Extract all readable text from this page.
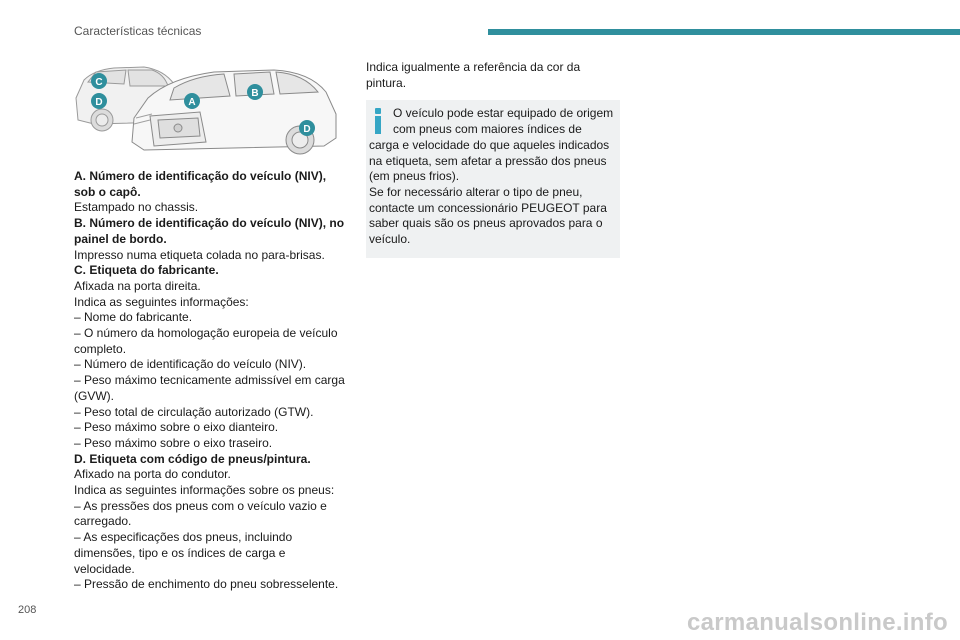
Características técnicas
C
D	A
B
D

A. Número de identificação do veículo (NIV), sob o capô.

Estampado no chassis.

B. Número de identificação do veículo (NIV), no painel de bordo.

Impresso numa etiqueta colada no para-brisas.

C. Etiqueta do fabricante.

Afixada na porta direita.

Indica as seguintes informações:

– Nome do fabricante.

– O número da homologação europeia de veículo completo.

– Número de identificação do veículo (NIV).

– Peso máximo tecnicamente admissível em carga (GVW).

– Peso total de circulação autorizado (GTW).

– Peso máximo sobre o eixo dianteiro.

– Peso máximo sobre o eixo traseiro.

D. Etiqueta com código de pneus/pintura.

Afixado na porta do condutor.

Indica as seguintes informações sobre os pneus:

– As pressões dos pneus com o veículo vazio e carregado.

– As especificações dos pneus, incluindo dimensões, tipo e os índices de carga e velocidade.

– Pressão de enchimento do pneu sobresselente.

Indica igualmente a referência da cor da pintura.

O veículo pode estar equipado de origem com pneus com maiores índices de carga e velocidade do que aqueles indicados na etiqueta, sem afetar a pressão dos pneus (em pneus frios).

Se for necessário alterar o tipo de pneu, contacte um concessionário PEUGEOT para saber quais são os pneus aprovados para o veículo.

208	carmanualsonline.info
